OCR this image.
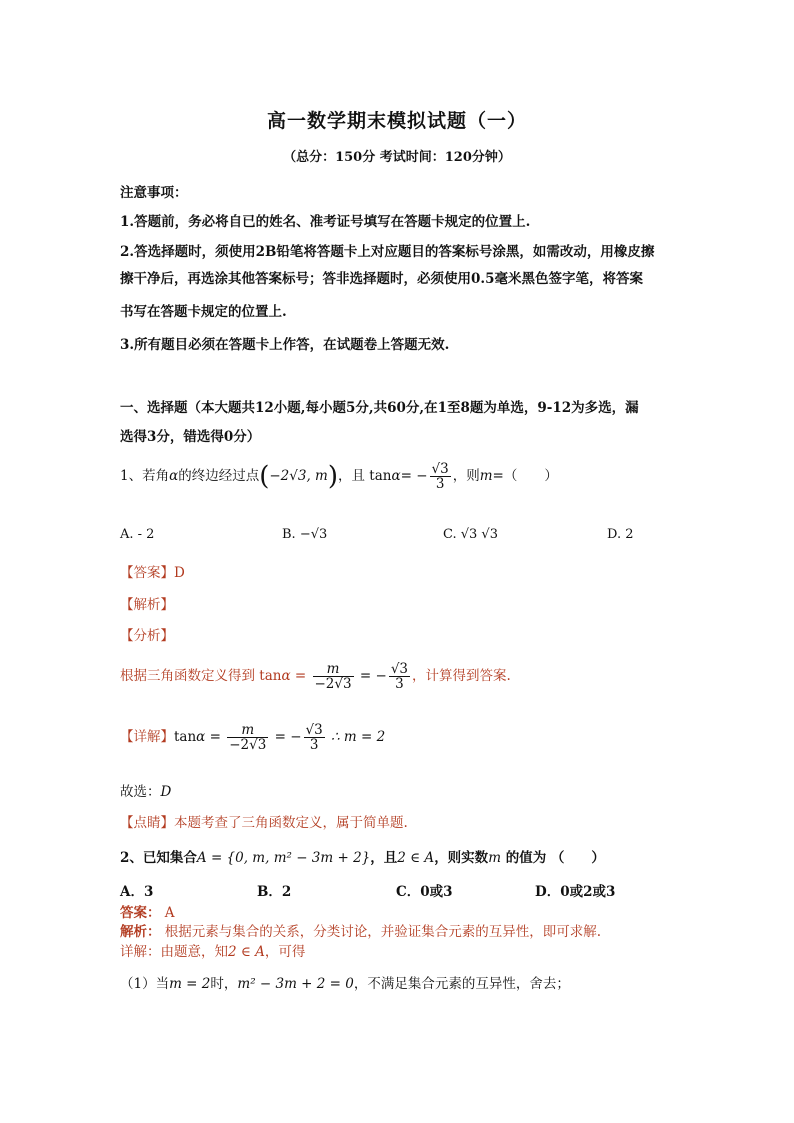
高一数学期末模拟试题（一）
（总分：150分 考试时间：120分钟）
注意事项：
1.答题前，务必将自已的姓名、准考证号填写在答题卡规定的位置上.
2.答选择题时，须使用2B铅笔将答题卡上对应题目的答案标号涂黑，如需改动，用橡皮擦
擦干净后，再选涂其他答案标号；答非选择题时，必须使用0.5毫米黑色签字笔，将答案
书写在答题卡规定的位置上.
3.所有题目必须在答题卡上作答，在试题卷上答题无效.
一、选择题（本大题共12小题,每小题5分,共60分,在1至8题为单选，9-12为多选，漏
选得3分，错选得0分）
1、若角α的终边经过点(−2√3, m)，且 $\tan\alpha= - \frac{√3}{3}$ ，则m=（　　）
A. - 2	B. −√3	C. √3 √3	D. 2
【答案】D
【解析】
【分析】
根据三角函数定义得到 $\tan\alpha = \frac{m}{-2√3}$ = − $\frac{√3}{3}$ ，计算得到答案.
【详解】$\tan\alpha = \frac{m}{-2√3}$ = − $\frac{√3}{3}$ ∴ m = 2
故选：D
【点睛】本题考查了三角函数定义，属于简单题.
2、已知集合A = {0, m, m² − 3m + 2}，且2 ∈ A，则实数m 的值为 （　　）
A．3	B．2	C．0或3	D．0或2或3
答案： A
解析： 根据元素与集合的关系，分类讨论，并验证集合元素的互异性，即可求解.
详解：由题意，知2 ∈ A，可得
（1）当m = 2时，m² − 3m + 2 = 0，不满足集合元素的互异性，舍去；
